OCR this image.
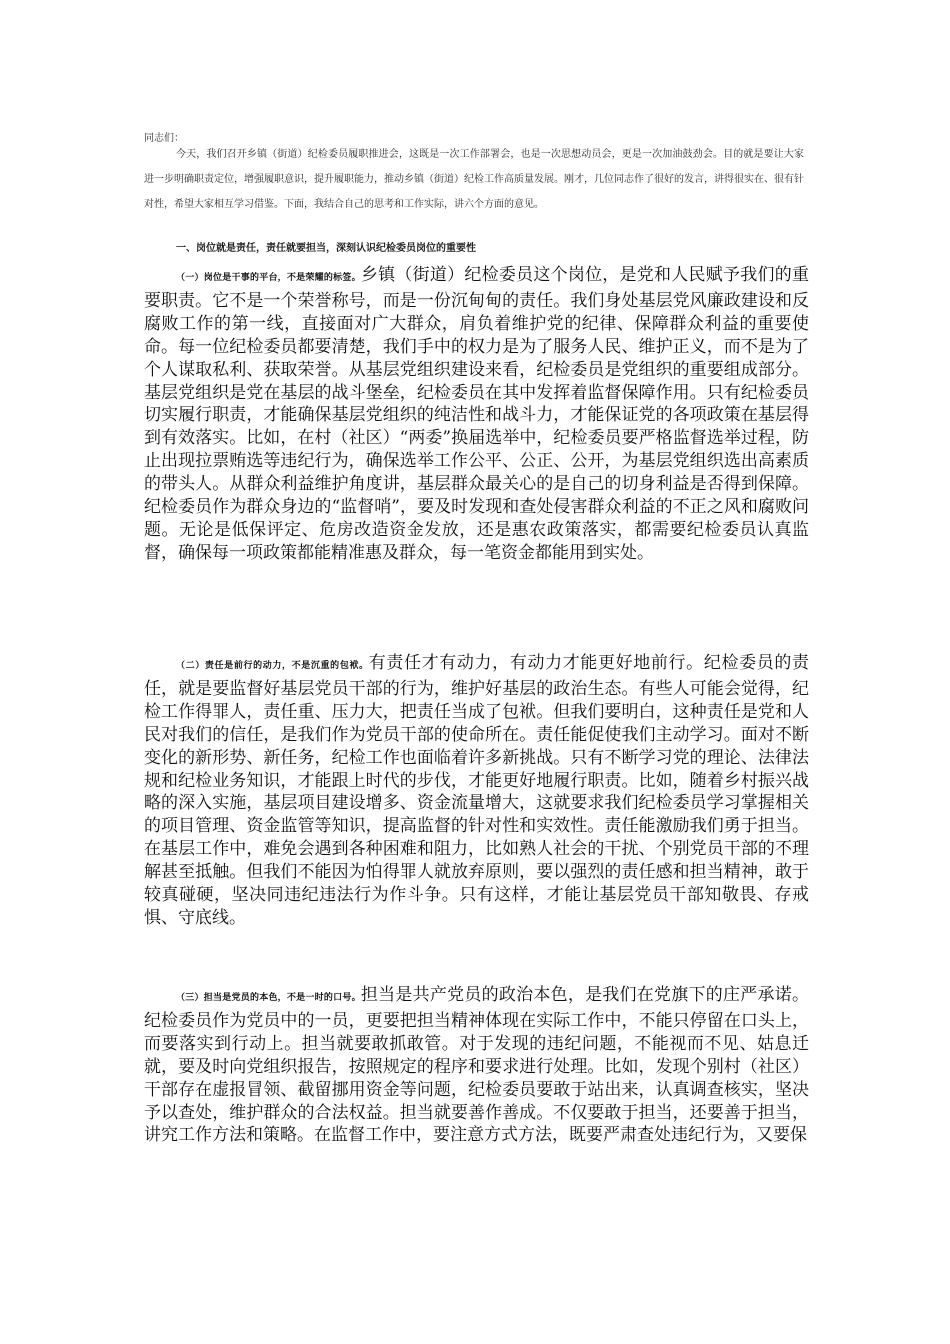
同志们：
今天，我们召开乡镇（街道）纪检委员履职推进会，这既是一次工作部署会，也是一次思想动员会，更是一次加油鼓劲会。目的就是要让大家进一步明确职责定位，增强履职意识，提升履职能力，推动乡镇（街道）纪检工作高质量发展。刚才，几位同志作了很好的发言，讲得很实在、很有针对性，希望大家相互学习借鉴。下面，我结合自己的思考和工作实际，讲六个方面的意见。
一、岗位就是责任，责任就要担当，深刻认识纪检委员岗位的重要性
（一）岗位是干事的平台，不是荣耀的标签。乡镇（街道）纪检委员这个岗位，是党和人民赋予我们的重要职责。它不是一个荣誉称号，而是一份沉甸甸的责任。我们身处基层党风廉政建设和反腐败工作的第一线，直接面对广大群众，肩负着维护党的纪律、保障群众利益的重要使命。每一位纪检委员都要清楚，我们手中的权力是为了服务人民、维护正义，而不是为了个人谋取私利、获取荣誉。从基层党组织建设来看，纪检委员是党组织的重要组成部分。基层党组织是党在基层的战斗堡垒，纪检委员在其中发挥着监督保障作用。只有纪检委员切实履行职责，才能确保基层党组织的纯洁性和战斗力，才能保证党的各项政策在基层得到有效落实。比如，在村（社区）“两委”换届选举中，纪检委员要严格监督选举过程，防止出现拉票贿选等违纪行为，确保选举工作公平、公正、公开，为基层党组织选出高素质的带头人。从群众利益维护角度讲，基层群众最关心的是自己的切身利益是否得到保障。纪检委员作为群众身边的“监督哨”，要及时发现和查处侵害群众利益的不正之风和腐败问题。无论是低保评定、危房改造资金发放，还是惠农政策落实，都需要纪检委员认真监督，确保每一项政策都能精准惠及群众，每一笔资金都能用到实处。
（二）责任是前行的动力，不是沉重的包袱。有责任才有动力，有动力才能更好地前行。纪检委员的责任，就是要监督好基层党员干部的行为，维护好基层的政治生态。有些人可能会觉得，纪检工作得罪人，责任重、压力大，把责任当成了包袱。但我们要明白，这种责任是党和人民对我们的信任，是我们作为党员干部的使命所在。责任能促使我们主动学习。面对不断变化的新形势、新任务，纪检工作也面临着许多新挑战。只有不断学习党的理论、法律法规和纪检业务知识，才能跟上时代的步伐，才能更好地履行职责。比如，随着乡村振兴战略的深入实施，基层项目建设增多、资金流量增大，这就要求我们纪检委员学习掌握相关的项目管理、资金监管等知识，提高监督的针对性和实效性。责任能激励我们勇于担当。在基层工作中，难免会遇到各种困难和阻力，比如熟人社会的干扰、个别党员干部的不理解甚至抵触。但我们不能因为怕得罪人就放弃原则，要以强烈的责任感和担当精神，敢于较真碰硬，坚决同违纪违法行为作斗争。只有这样，才能让基层党员干部知敬畏、存戒惧、守底线。
（三）担当是党员的本色，不是一时的口号。担当是共产党员的政治本色，是我们在党旗下的庄严承诺。纪检委员作为党员中的一员，更要把担当精神体现在实际工作中，不能只停留在口头上，而要落实到行动上。担当就要敢抓敢管。对于发现的违纪问题，不能视而不见、姑息迁就，要及时向党组织报告，按照规定的程序和要求进行处理。比如，发现个别村（社区）干部存在虚报冒领、截留挪用资金等问题，纪检委员要敢于站出来，认真调查核实，坚决予以查处，维护群众的合法权益。担当就要善作善成。不仅要敢于担当，还要善于担当，讲究工作方法和策略。在监督工作中，要注意方式方法，既要严肃查处违纪行为，又要保
